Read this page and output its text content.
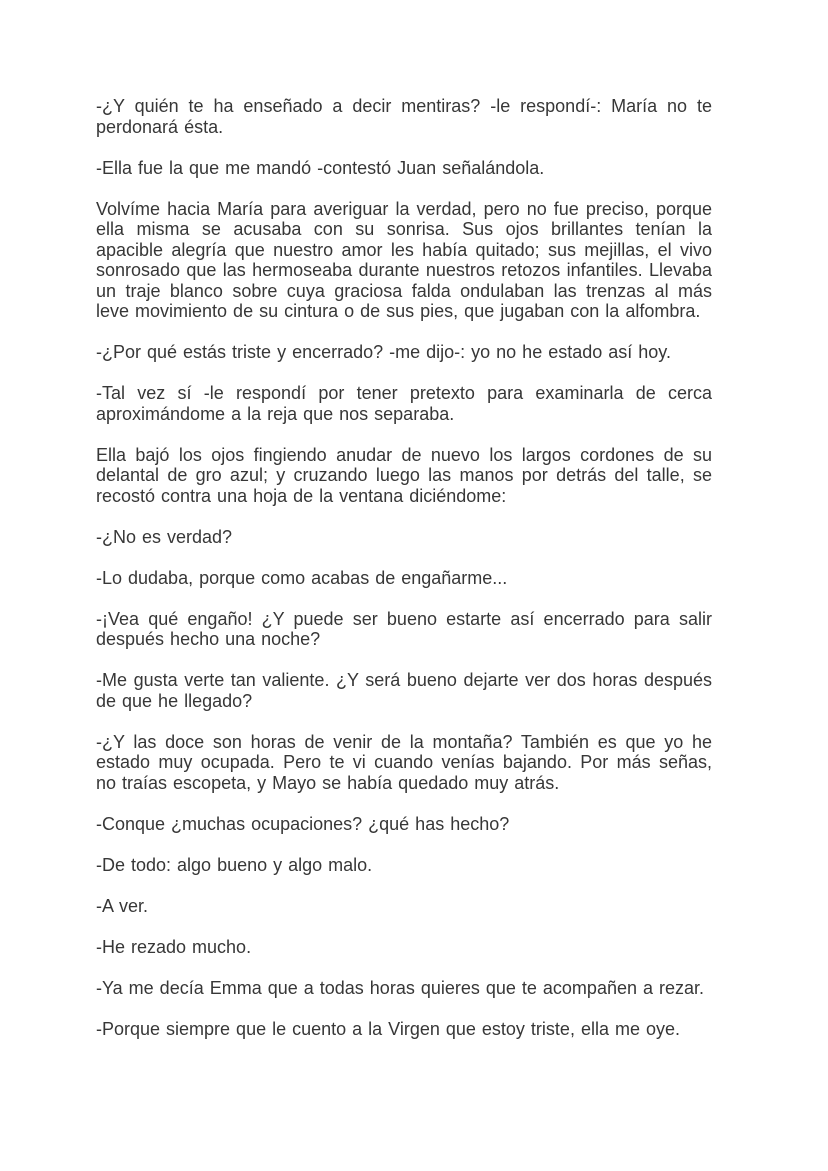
-¿Y quién te ha enseñado a decir mentiras? -le respondí-: María no te perdonará ésta.

-Ella fue la que me mandó -contestó Juan señalándola.

Volvíme hacia María para averiguar la verdad, pero no fue preciso, porque ella misma se acusaba con su sonrisa. Sus ojos brillantes tenían la apacible alegría que nuestro amor les había quitado; sus mejillas, el vivo sonrosado que las hermoseaba durante nuestros retozos infantiles. Llevaba un traje blanco sobre cuya graciosa falda ondulaban las trenzas al más leve movimiento de su cintura o de sus pies, que jugaban con la alfombra.

-¿Por qué estás triste y encerrado? -me dijo-: yo no he estado así hoy.

-Tal vez sí -le respondí por tener pretexto para examinarla de cerca aproximándome a la reja que nos separaba.

Ella bajó los ojos fingiendo anudar de nuevo los largos cordones de su delantal de gro azul; y cruzando luego las manos por detrás del talle, se recostó contra una hoja de la ventana diciéndome:

-¿No es verdad?

-Lo dudaba, porque como acabas de engañarme...

-¡Vea qué engaño! ¿Y puede ser bueno estarte así encerrado para salir después hecho una noche?

-Me gusta verte tan valiente. ¿Y será bueno dejarte ver dos horas después de que he llegado?

-¿Y las doce son horas de venir de la montaña? También es que yo he estado muy ocupada. Pero te vi cuando venías bajando. Por más señas, no traías escopeta, y Mayo se había quedado muy atrás.

-Conque ¿muchas ocupaciones? ¿qué has hecho?

-De todo: algo bueno y algo malo.

-A ver.

-He rezado mucho.

-Ya me decía Emma que a todas horas quieres que te acompañen a rezar.

-Porque siempre que le cuento a la Virgen que estoy triste, ella me oye.
